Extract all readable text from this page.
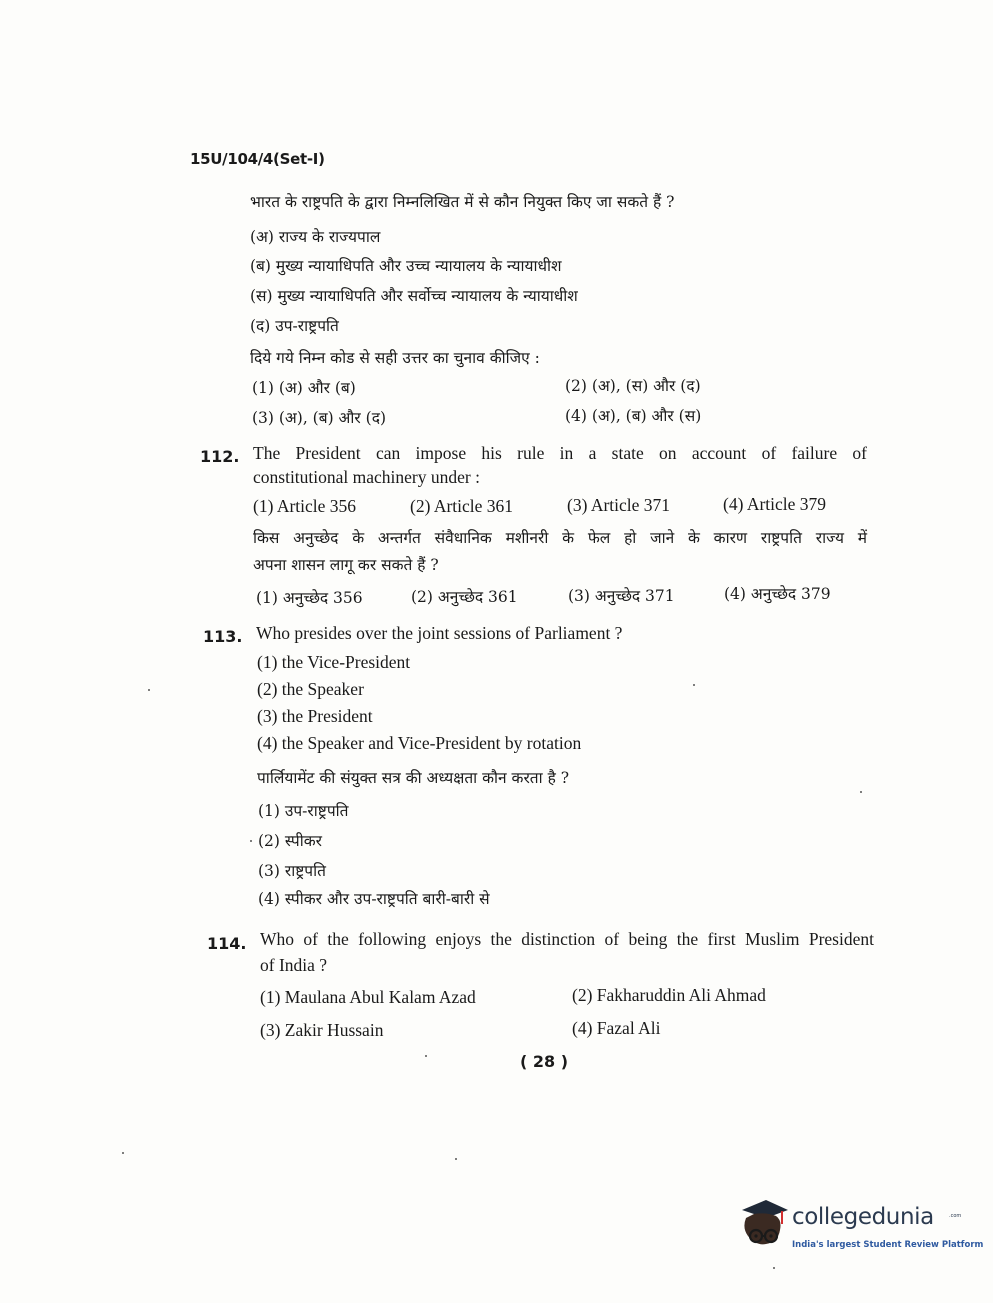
15U/104/4(Set-I)
भारत के राष्ट्रपति के द्वारा निम्नलिखित में से कौन नियुक्त किए जा सकते हैं ?
(अ) राज्य के राज्यपाल
(ब) मुख्य न्यायाधिपति और उच्च न्यायालय के न्यायाधीश
(स) मुख्य न्यायाधिपति और सर्वोच्च न्यायालय के न्यायाधीश
(द) उप-राष्ट्रपति
दिये गये निम्न कोड से सही उत्तर का चुनाव कीजिए :
(1) (अ) और (ब)	(2) (अ), (स) और (द)
(3) (अ), (ब) और (द)	(4) (अ), (ब) और (स)
112. The President can impose his rule in a state on account of failure of
constitutional machinery under :
(1) Article 356	(2) Article 361	(3) Article 371	(4) Article 379
किस अनुच्छेद के अन्तर्गत संवैधानिक मशीनरी के फेल हो जाने के कारण राष्ट्रपति राज्य में
अपना शासन लागू कर सकते हैं ?
(1) अनुच्छेद 356	(2) अनुच्छेद 361	(3) अनुच्छेद 371	(4) अनुच्छेद 379
113. Who presides over the joint sessions of Parliament ?
(1) the Vice-President
(2) the Speaker
(3) the President
(4) the Speaker and Vice-President by rotation
पार्लियामेंट की संयुक्त सत्र की अध्यक्षता कौन करता है ?
(1) उप-राष्ट्रपति
(2) स्पीकर
(3) राष्ट्रपति
(4) स्पीकर और उप-राष्ट्रपति बारी-बारी से
114. Who of the following enjoys the distinction of being the first Muslim President
of India ?
(1) Maulana Abul Kalam Azad	(2) Fakharuddin Ali Ahmad
(3) Zakir Hussain	(4) Fazal Ali
( 28 )
collegedunia	.com
India's largest Student Review Platform
